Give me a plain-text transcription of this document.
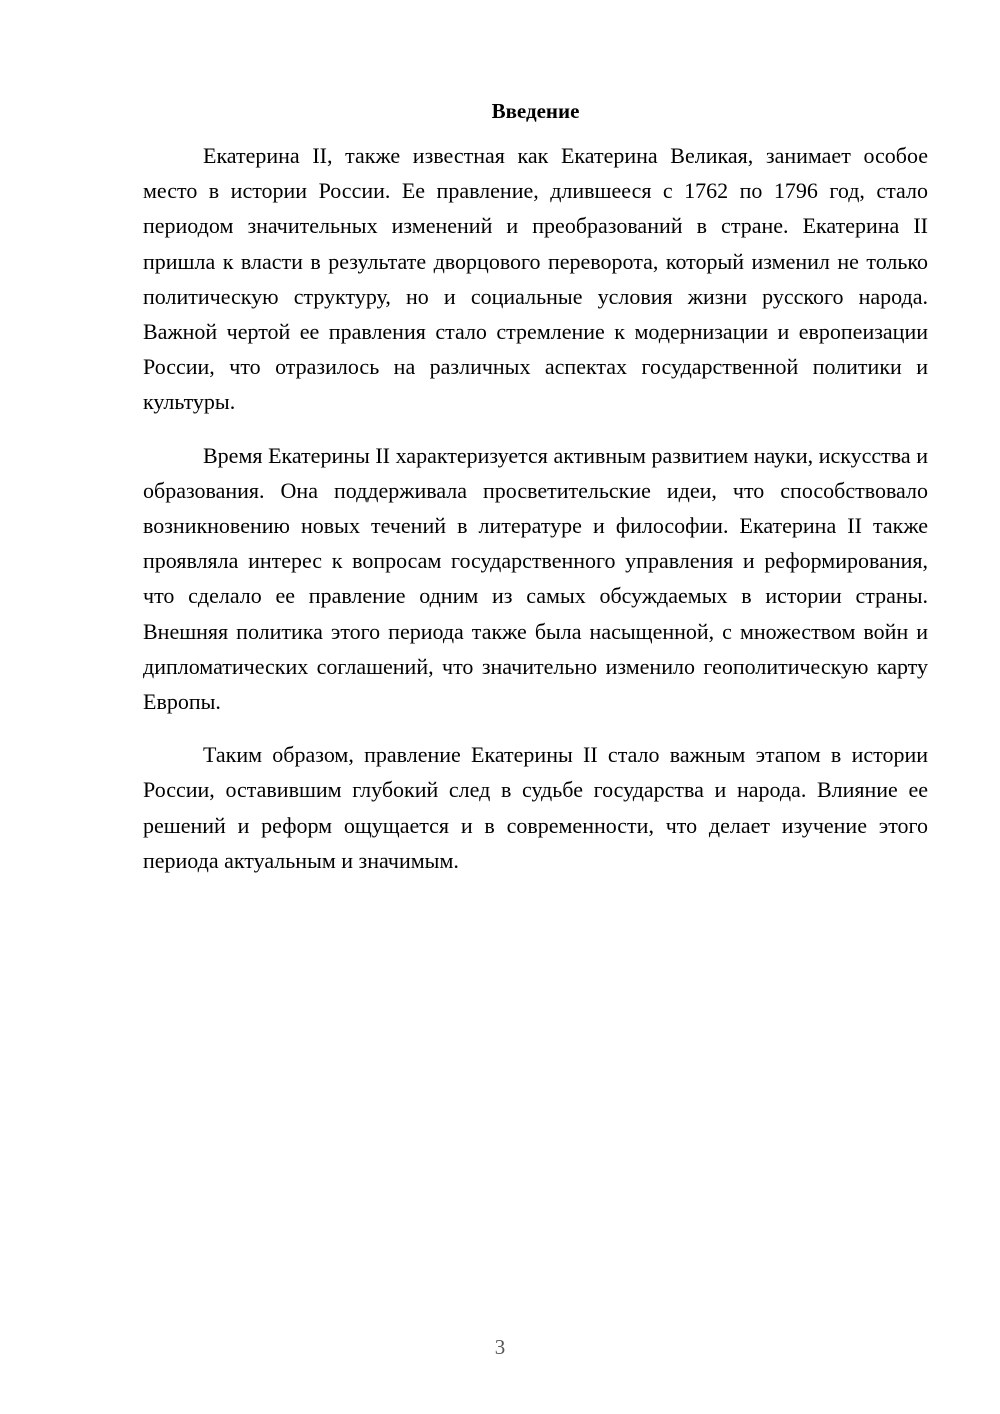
Введение

Екатерина II, также известная как Екатерина Великая, занимает особое место в истории России. Ее правление, длившееся с 1762 по 1796 год, стало периодом значительных изменений и преобразований в стране. Екатерина II пришла к власти в результате дворцового переворота, который изменил не только политическую структуру, но и социальные условия жизни русского народа. Важной чертой ее правления стало стремление к модернизации и европеизации России, что отразилось на различных аспектах государственной политики и культуры.

Время Екатерины II характеризуется активным развитием науки, искусства и образования. Она поддерживала просветительские идеи, что способствовало возникновению новых течений в литературе и философии. Екатерина II также проявляла интерес к вопросам государственного управления и реформирования, что сделало ее правление одним из самых обсуждаемых в истории страны. Внешняя политика этого периода также была насыщенной, с множеством войн и дипломатических соглашений, что значительно изменило геополитическую карту Европы.

Таким образом, правление Екатерины II стало важным этапом в истории России, оставившим глубокий след в судьбе государства и народа. Влияние ее решений и реформ ощущается и в современности, что делает изучение этого периода актуальным и значимым.

3
